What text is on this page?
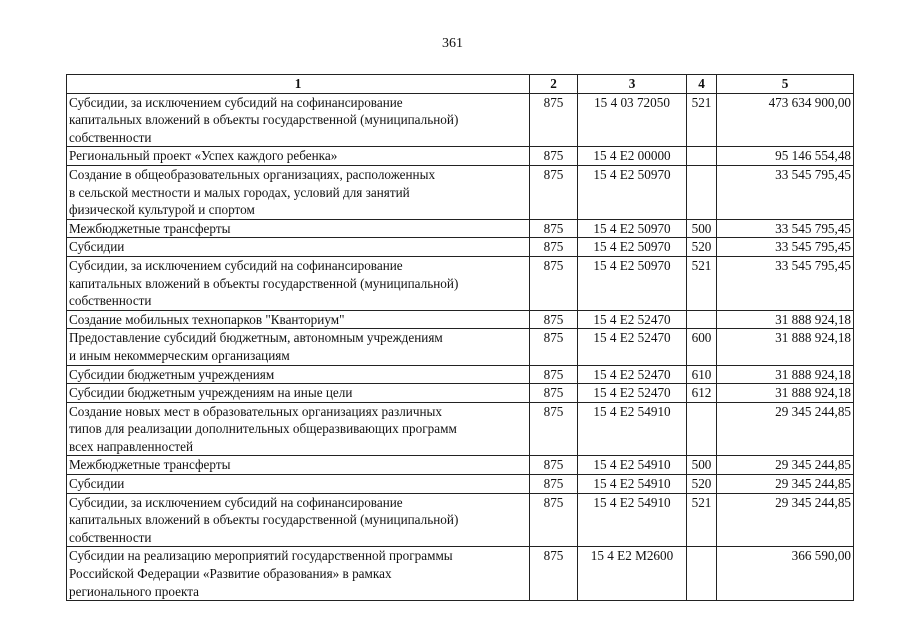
361
1	2	3	4	5

Субсидии, за исключением субсидий на софинансирование
капитальных вложений в объекты государственной (муниципальной)
собственности	875	15 4 03 72050	521	473 634 900,00

Региональный проект «Успех каждого ребенка»	875	15 4 E2 00000		95 146 554,48

Создание в общеобразовательных организациях, расположенных
в сельской местности и малых городах, условий для занятий
физической культурой и спортом	875	15 4 E2 50970		33 545 795,45

Межбюджетные трансферты	875	15 4 E2 50970	500	33 545 795,45

Субсидии	875	15 4 E2 50970	520	33 545 795,45

Субсидии, за исключением субсидий на софинансирование
капитальных вложений в объекты государственной (муниципальной)
собственности	875	15 4 E2 50970	521	33 545 795,45

Создание мобильных технопарков "Кванториум"	875	15 4 E2 52470		31 888 924,18

Предоставление субсидий бюджетным, автономным учреждениям
и иным некоммерческим организациям	875	15 4 E2 52470	600	31 888 924,18

Субсидии бюджетным учреждениям	875	15 4 E2 52470	610	31 888 924,18

Субсидии бюджетным учреждениям на иные цели	875	15 4 E2 52470	612	31 888 924,18

Создание новых мест в образовательных организациях различных
типов для реализации дополнительных общеразвивающих программ
всех направленностей	875	15 4 E2 54910		29 345 244,85

Межбюджетные трансферты	875	15 4 E2 54910	500	29 345 244,85

Субсидии	875	15 4 E2 54910	520	29 345 244,85

Субсидии, за исключением субсидий на софинансирование
капитальных вложений в объекты государственной (муниципальной)
собственности	875	15 4 E2 54910	521	29 345 244,85

Субсидии на реализацию мероприятий государственной программы
Российской Федерации «Развитие образования» в рамках
регионального проекта	875	15 4 E2 M2600		366 590,00
